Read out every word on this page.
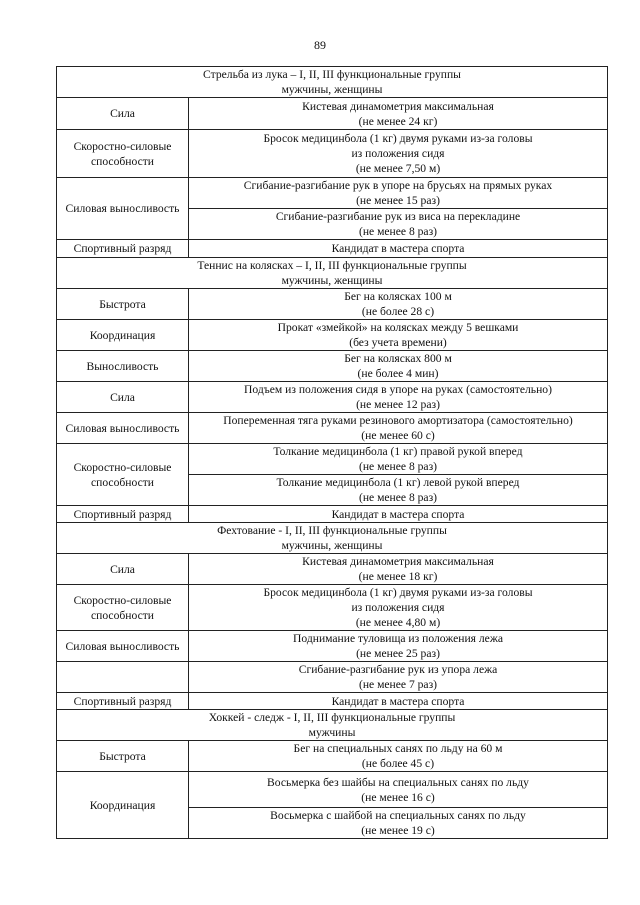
89
Стрельба из лука – I, II, III функциональные группы
мужчины, женщины	

Сила	Кистевая динамометрия максимальная
(не менее 24 кг)

Скоростно-силовые
способности	Бросок медицинбола (1 кг) двумя руками из-за головы
из положения сидя
(не менее 7,50 м)

Силовая выносливость	Сгибание-разгибание рук в упоре на брусьях на прямых руках
(не менее 15 раз)

	Сгибание-разгибание рук из виса на перекладине
(не менее 8 раз)

Спортивный разряд	Кандидат в мастера спорта

Теннис на колясках – I, II, III функциональные группы
мужчины, женщины	

Быстрота	Бег на колясках 100 м
(не более 28 с)

Координация	Прокат «змейкой» на колясках между 5 вешками
(без учета времени)

Выносливость	Бег на колясках 800 м
(не более 4 мин)

Сила	Подъем из положения сидя в упоре на руках (самостоятельно)
(не менее 12 раз)

Силовая выносливость	Попеременная тяга руками резинового амортизатора (самостоятельно)
(не менее 60 с)

Скоростно-силовые
способности	Толкание медицинбола (1 кг) правой рукой вперед
(не менее 8 раз)

	Толкание медицинбола (1 кг) левой рукой вперед
(не менее 8 раз)

Спортивный разряд	Кандидат в мастера спорта

Фехтование - I, II, III функциональные группы
мужчины, женщины	

Сила	Кистевая динамометрия максимальная
(не менее 18 кг)

Скоростно-силовые
способности	Бросок медицинбола (1 кг) двумя руками из-за головы
из положения сидя
(не менее 4,80 м)

Силовая выносливость	Поднимание туловища из положения лежа
(не менее 25 раз)

	Сгибание-разгибание рук из упора лежа
(не менее 7 раз)

Спортивный разряд	Кандидат в мастера спорта

Хоккей - следж - I, II, III функциональные группы
мужчины	

Быстрота	Бег на специальных санях по льду на 60 м
(не более 45 с)

Координация	Восьмерка без шайбы на специальных санях по льду
(не менее 16 с)

	Восьмерка с шайбой на специальных санях по льду
(не менее 19 с)
